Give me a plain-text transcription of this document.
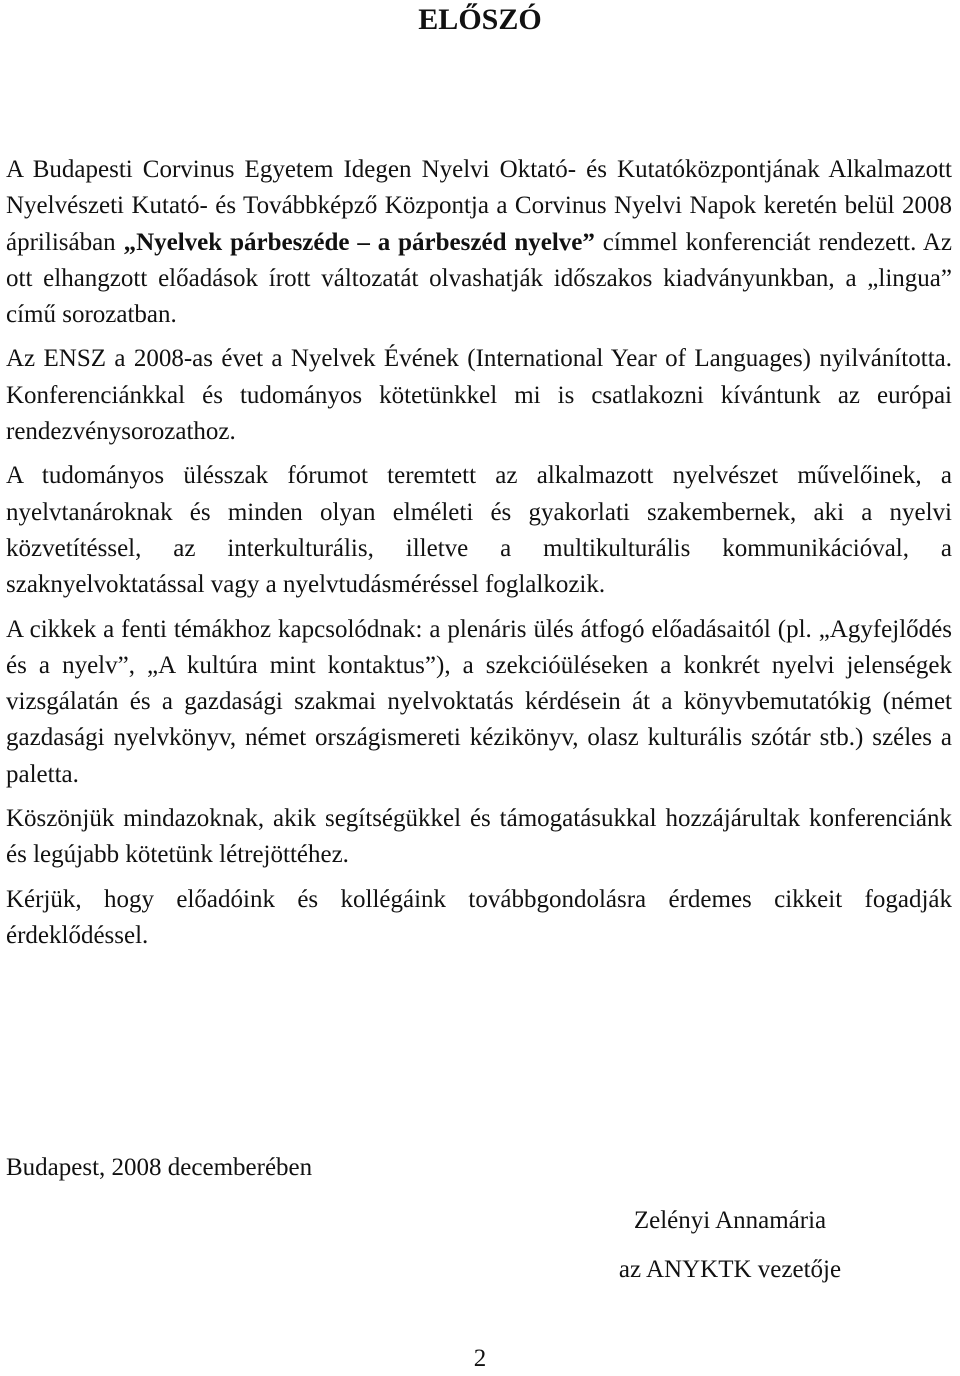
ELŐSZÓ

A Budapesti Corvinus Egyetem Idegen Nyelvi Oktató- és Kutatóközpontjának Alkalmazott Nyelvészeti Kutató- és Továbbképző Központja a Corvinus Nyelvi Napok keretén belül 2008 áprilisában „Nyelvek párbeszéde – a párbeszéd nyelve” címmel konferenciát rendezett. Az ott elhangzott előadások írott változatát olvashatják időszakos kiadványunkban, a „lingua” című sorozatban.

Az ENSZ a 2008-as évet a Nyelvek Évének (International Year of Languages) nyilvánította. Konferenciánkkal és tudományos kötetünkkel mi is csatlakozni kívántunk az európai rendezvénysorozathoz.

A tudományos ülésszak fórumot teremtett az alkalmazott nyelvészet művelőinek, a nyelvtanároknak és minden olyan elméleti és gyakorlati szakembernek, aki a nyelvi közvetítéssel, az interkulturális, illetve a multikulturális kommunikációval, a szaknyelvoktatással vagy a nyelvtudásméréssel foglalkozik.

A cikkek a fenti témákhoz kapcsolódnak: a plenáris ülés átfogó előadásaitól (pl. „Agyfejlődés és a nyelv”, „A kultúra mint kontaktus”), a szekcióüléseken a konkrét nyelvi jelenségek vizsgálatán és a gazdasági szakmai nyelvoktatás kérdésein át a könyvbemutatókig (német gazdasági nyelvkönyv, német országismereti kézikönyv, olasz kulturális szótár stb.) széles a paletta.

Köszönjük mindazoknak, akik segítségükkel és támogatásukkal hozzájárultak konferenciánk és legújabb kötetünk létrejöttéhez.

Kérjük, hogy előadóink és kollégáink továbbgondolásra érdemes cikkeit fogadják érdeklődéssel.

Budapest, 2008 decemberében

Zelényi Annamária

az ANYKTK vezetője

2
